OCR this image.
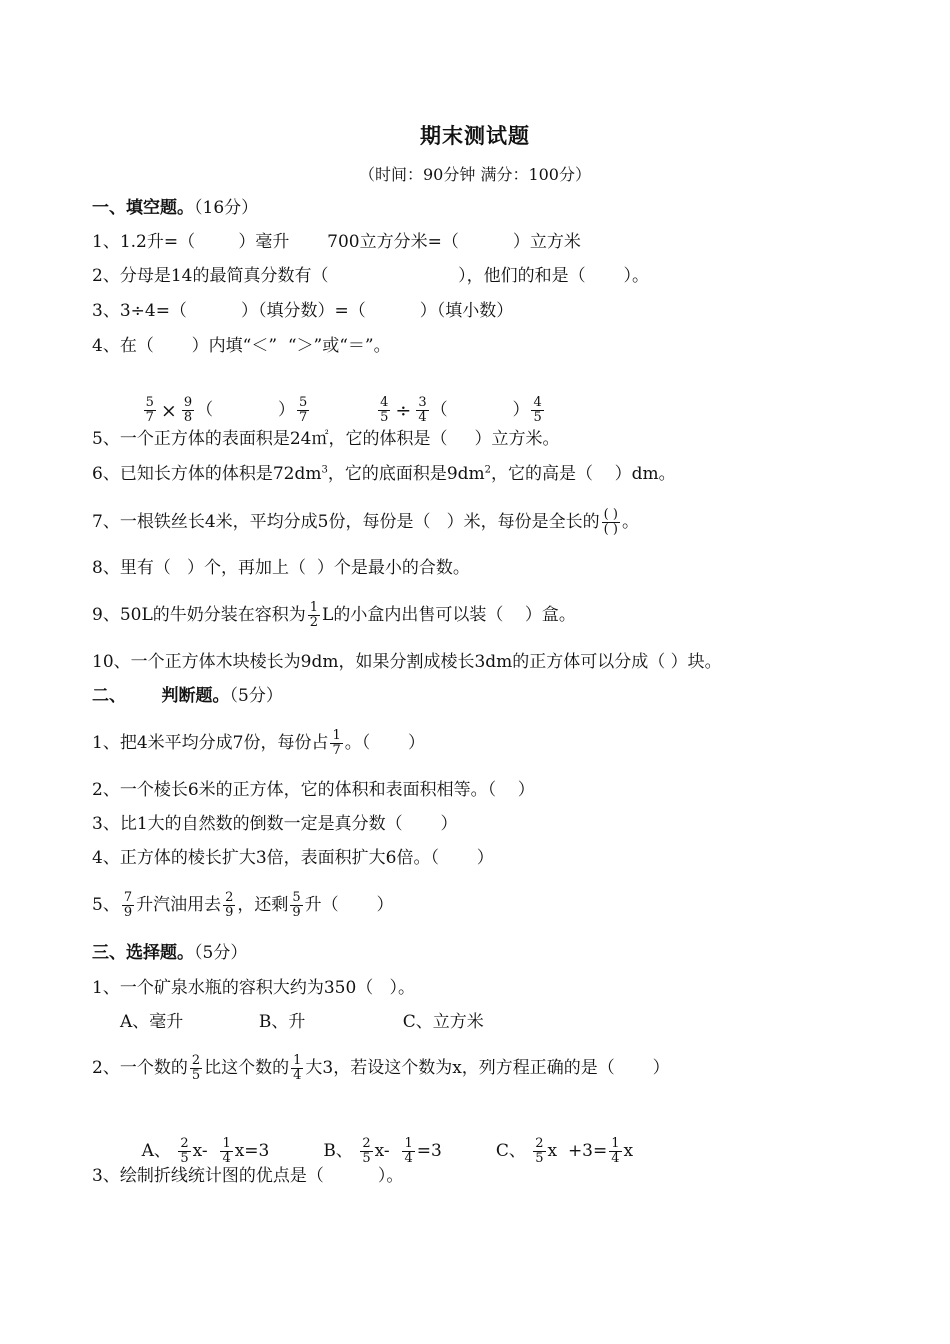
期末测试题
（时间：90分钟 满分：100分）
一、填空题。（16分）
1、1.2升=（        ）毫升       700立方分米=（          ）立方米
2、分母是14的最简真分数有（                        ），他们的和是（       ）。
3、3÷4=（          ）（填分数）=（          ）（填小数）
4、在（       ）内填“＜”  “＞”或“＝”。

$\frac{5}{7} \times \frac{9}{8}$ （            ） $\frac{5}{7}$
	$\frac{4}{5} \div \frac{3}{4}$ （            ） $\frac{4}{5}$

5、一个正方体的表面积是24㎡，它的体积是（     ）立方米。
6、已知长方体的体积是$72dm^3$，它的底面积是$9dm^2$，它的高是（    ）dm。
7、一根铁丝长4米，平均分成5份，每份是（   ）米，每份是全长的 $\frac{( )}{( )}$ 。
8、里有（   ）个，再加上（  ）个是最小的合数。
9、50L的牛奶分装在容积为 $\frac{1}{2}$ L的小盒内出售可以装（    ）盒。
10、一个正方体木块棱长为9dm，如果分割成棱长3dm的正方体可以分成（ ）块。
二、      判断题。（5分）
1、把4米平均分成7份，每份占 $\frac{1}{7}$ 。（       ）
2、一个棱长6米的正方体，它的体积和表面积相等。（    ）
3、比1大的自然数的倒数一定是真分数（       ）
4、正方体的棱长扩大3倍，表面积扩大6倍。（       ）
5、 $\frac{7}{9}$ 升汽油用去 $\frac{2}{9}$ ，还剩 $\frac{5}{9}$ 升（       ）
三、选择题。（5分）
1、一个矿泉水瓶的容积大约为350（   ）。
A、毫升              B、升                  C、立方米
2、一个数的 $\frac{2}{5}$ 比这个数的 $\frac{1}{4}$ 大3，若设这个数为x，列方程正确的是（       ）

A、 $\frac{2}{5} x- \frac{1}{4} x=3$	B、 $\frac{2}{5} x- \frac{1}{4} =3$	C、 $\frac{2}{5}$ $x +3= \frac{1}{4}$ x

3、绘制折线统计图的优点是（          ）。
